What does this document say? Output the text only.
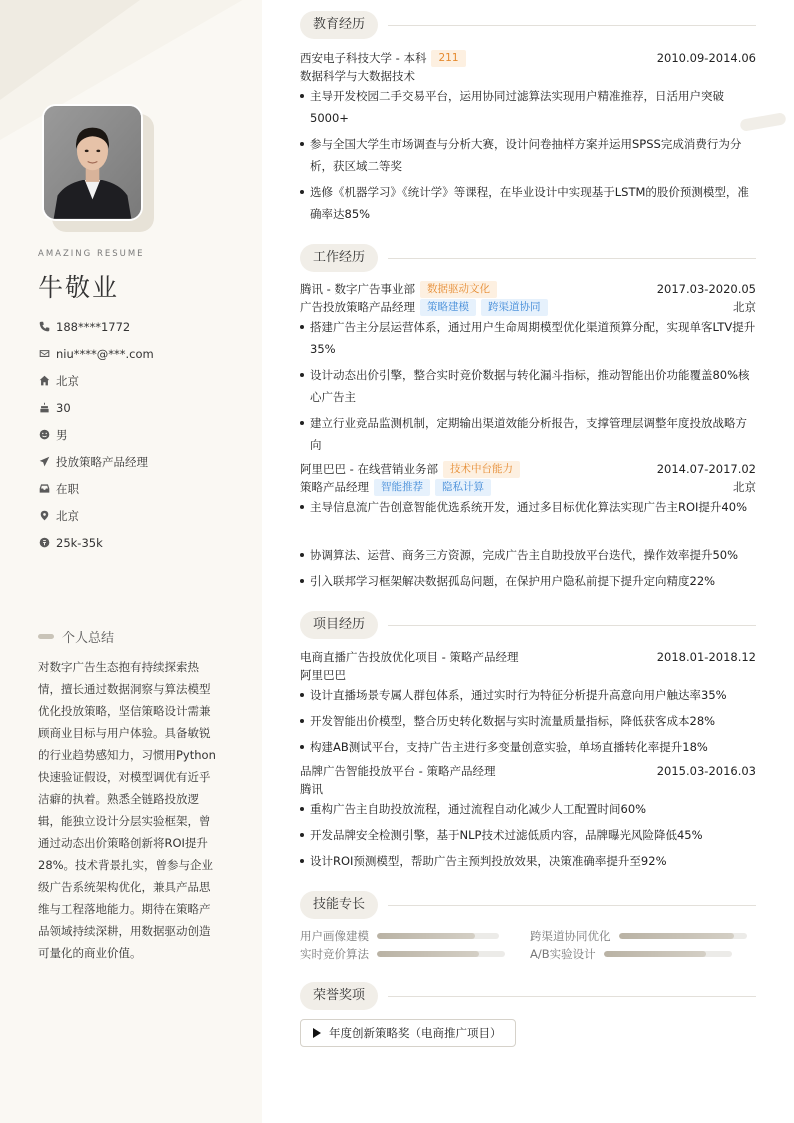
AMAZING RESUME
牛敬业
188****1772
niu****@***.com
北京
30
男
投放策略产品经理
在职
北京
25k-35k
个人总结
对数字广告生态抱有持续探索热情，擅长通过数据洞察与算法模型优化投放策略，坚信策略设计需兼顾商业目标与用户体验。具备敏锐的行业趋势感知力，习惯用Python快速验证假设，对模型调优有近乎洁癖的执着。熟悉全链路投放逻辑，能独立设计分层实验框架，曾通过动态出价策略创新将ROI提升28%。技术背景扎实，曾参与企业级广告系统架构优化，兼具产品思维与工程落地能力。期待在策略产品领域持续深耕，用数据驱动创造可量化的商业价值。
教育经历
西安电子科技大学 - 本科	211	2010.09-2014.06
数据科学与大数据技术
主导开发校园二手交易平台，运用协同过滤算法实现用户精准推荐，日活用户突破5000+
参与全国大学生市场调查与分析大赛，设计问卷抽样方案并运用SPSS完成消费行为分析，获区域二等奖
选修《机器学习》《统计学》等课程，在毕业设计中实现基于LSTM的股价预测模型，准确率达85%
工作经历
腾讯 - 数字广告事业部	数据驱动文化	2017.03-2020.05
广告投放策略产品经理	策略建模	跨渠道协同	北京
搭建广告主分层运营体系，通过用户生命周期模型优化渠道预算分配，实现单客LTV提升35%
设计动态出价引擎，整合实时竞价数据与转化漏斗指标，推动智能出价功能覆盖80%核心广告主
建立行业竞品监测机制，定期输出渠道效能分析报告，支撑管理层调整年度投放战略方向
阿里巴巴 - 在线营销业务部	技术中台能力	2014.07-2017.02
策略产品经理	智能推荐	隐私计算	北京
主导信息流广告创意智能优选系统开发，通过多目标优化算法实现广告主ROI提升40%
协调算法、运营、商务三方资源，完成广告主自助投放平台迭代，操作效率提升50%
引入联邦学习框架解决数据孤岛问题，在保护用户隐私前提下提升定向精度22%
项目经历
电商直播广告投放优化项目 - 策略产品经理	2018.01-2018.12
阿里巴巴
设计直播场景专属人群包体系，通过实时行为特征分析提升高意向用户触达率35%
开发智能出价模型，整合历史转化数据与实时流量质量指标，降低获客成本28%
构建AB测试平台，支持广告主进行多变量创意实验，单场直播转化率提升18%
品牌广告智能投放平台 - 策略产品经理	2015.03-2016.03
腾讯
重构广告主自助投放流程，通过流程自动化减少人工配置时间60%
开发品牌安全检测引擎，基于NLP技术过滤低质内容，品牌曝光风险降低45%
设计ROI预测模型，帮助广告主预判投放效果，决策准确率提升至92%
技能专长
用户画像建模	跨渠道协同优化
实时竞价算法	A/B实验设计
荣誉奖项
年度创新策略奖（电商推广项目）
